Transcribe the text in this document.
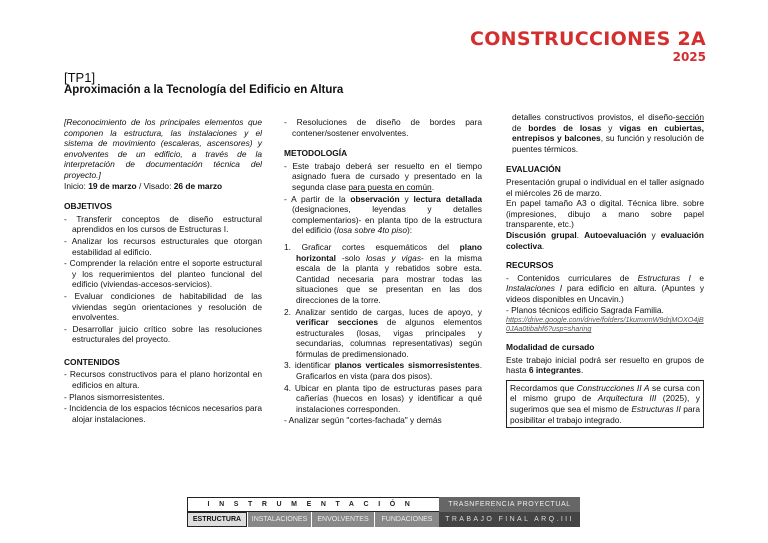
CONSTRUCCIONES 2A
2025
[TP1]
Aproximación a la Tecnología del Edificio en Altura

[Reconocimiento de los principales elementos que componen la estructura, las instalaciones y el sistema de movimiento (escaleras, ascensores) y envolventes de un edificio, a través de la interpretación de documentación técnica del proyecto.]

Inicio: 19 de marzo / Visado: 26 de marzo

OBJETIVOS
- Transferir conceptos de diseño estructural aprendidos en los cursos de Estructuras I.
- Analizar los recursos estructurales que otorgan estabilidad al edificio.
- Comprender la relación entre el soporte estructural y los requerimientos del planteo funcional del edificio (viviendas-accesos-servicios).
- Evaluar condiciones de habitabilidad de las viviendas según orientaciones y resolución de envolventes.
- Desarrollar juicio crítico sobre las resoluciones estructurales del proyecto.
CONTENIDOS
- Recursos constructivos para el plano horizontal en edificios en altura.
- Planos sismorresistentes.
- Incidencia de los espacios técnicos necesarios para alojar instalaciones.
- Resoluciones de diseño de bordes para contener/sostener envolventes.
METODOLOGÍA
- Este trabajo deberá ser resuelto en el tiempo asignado fuera de cursado y presentado en la segunda clase para puesta en común.
- A partir de la observación y lectura detallada (designaciones, leyendas y detalles complementarios)- en planta tipo de la estructura del edificio (losa sobre 4to piso):
1. Graficar cortes esquemáticos del plano horizontal -solo losas y vigas- en la misma escala de la planta y rebatidos sobre esta. Cantidad necesaria para mostrar todas las situaciones que se presentan en las dos direcciones de la torre.
2. Analizar sentido de cargas, luces de apoyo, y verificar secciones de algunos elementos estructurales (losas, vigas principales y secundarias, columnas representativas) según fórmulas de predimensionado.
3. identificar planos verticales sismorresistentes. Graficarlos en vista (para dos pisos).
4. Ubicar en planta tipo de estructuras pases para cañerías (huecos en losas) y identificar a qué instalaciones corresponden.
- Analizar según "cortes-fachada" y demás

detalles constructivos provistos, el diseño-sección de bordes de losas y vigas en cubiertas, entrepisos y balcones, su función y resolución de puentes térmicos.

EVALUACIÓN

Presentación grupal o individual en el taller asignado el miércoles 26 de marzo.

En papel tamaño A3 o digital. Técnica libre. sobre (impresiones, dibujo a mano sobre papel transparente, etc.)

Discusión grupal. Autoevaluación y evaluación colectiva.

RECURSOS

- Contenidos curriculares de Estructuras I e Instalaciones I para edificio en altura. (Apuntes y videos disponibles en Uncavin.)

- Planos técnicos edificio Sagrada Familia.

https://drive.google.com/drive/folders/1kumxmW9drjMOXO4jB0JAa0tibahf6?usp=sharing

Modalidad de cursado

Este trabajo inicial podrá ser resuelto en grupos de hasta 6 integrantes.

Recordamos que Construcciones II A se cursa con el mismo grupo de Arquitectura III (2025), y sugerimos que sea el mismo de Estructuras II para posibilitar el trabajo integrado.
INSTRUMENTACIÓN	TRASNFERENCIA PROYECTUAL
ESTRUCTURA	INSTALACIONES	ENVOLVENTES	FUNDACIONES	TRABAJO FINAL ARQ.III
